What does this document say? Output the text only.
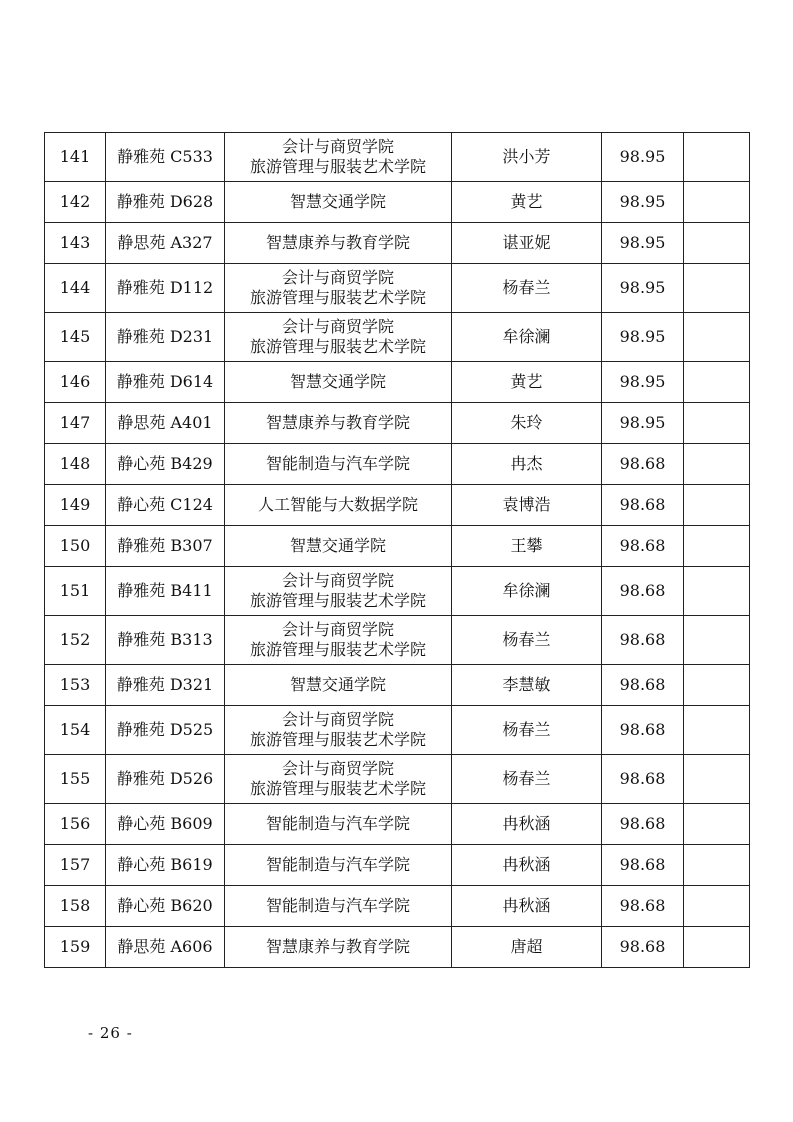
141	静雅苑 C533	会计与商贸学院
旅游管理与服装艺术学院	洪小芳	98.95	
142	静雅苑 D628	智慧交通学院	黄艺	98.95	
143	静思苑 A327	智慧康养与教育学院	谌亚妮	98.95	
144	静雅苑 D112	会计与商贸学院
旅游管理与服装艺术学院	杨春兰	98.95	
145	静雅苑 D231	会计与商贸学院
旅游管理与服装艺术学院	牟徐澜	98.95	
146	静雅苑 D614	智慧交通学院	黄艺	98.95	
147	静思苑 A401	智慧康养与教育学院	朱玲	98.95	
148	静心苑 B429	智能制造与汽车学院	冉杰	98.68	
149	静心苑 C124	人工智能与大数据学院	袁博浩	98.68	
150	静雅苑 B307	智慧交通学院	王攀	98.68	
151	静雅苑 B411	会计与商贸学院
旅游管理与服装艺术学院	牟徐澜	98.68	
152	静雅苑 B313	会计与商贸学院
旅游管理与服装艺术学院	杨春兰	98.68	
153	静雅苑 D321	智慧交通学院	李慧敏	98.68	
154	静雅苑 D525	会计与商贸学院
旅游管理与服装艺术学院	杨春兰	98.68	
155	静雅苑 D526	会计与商贸学院
旅游管理与服装艺术学院	杨春兰	98.68	
156	静心苑 B609	智能制造与汽车学院	冉秋涵	98.68	
157	静心苑 B619	智能制造与汽车学院	冉秋涵	98.68	
158	静心苑 B620	智能制造与汽车学院	冉秋涵	98.68	
159	静思苑 A606	智慧康养与教育学院	唐超	98.68	
- 26 -
